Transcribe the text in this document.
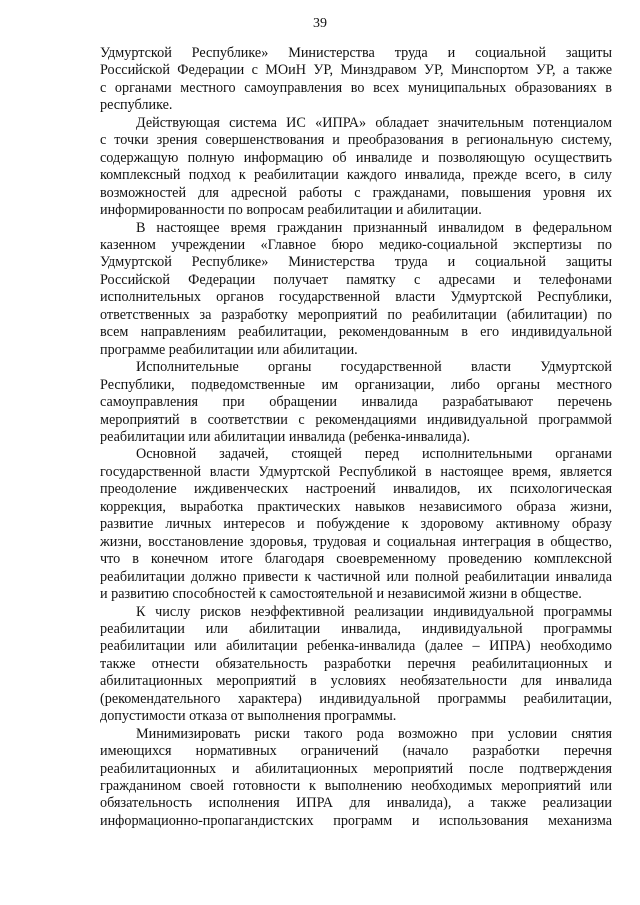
39

Удмуртской Республике» Министерства труда и социальной защиты
Российской Федерации с МОиН УР, Минздравом УР, Минспортом УР, а также
с органами местного самоуправления во всех муниципальных образованиях в
республике.

Действующая система ИС «ИПРА» обладает значительным потенциалом
с точки зрения совершенствования и преобразования в региональную систему,
содержащую полную информацию об инвалиде и позволяющую осуществить
комплексный подход к реабилитации каждого инвалида, прежде всего, в силу
возможностей для адресной работы с гражданами, повышения уровня их
информированности по вопросам реабилитации и абилитации.

В настоящее время гражданин признанный инвалидом в федеральном
казенном учреждении «Главное бюро медико-социальной экспертизы по
Удмуртской Республике» Министерства труда и социальной защиты
Российской Федерации получает памятку с адресами и телефонами
исполнительных органов государственной власти Удмуртской Республики,
ответственных за разработку мероприятий по реабилитации (абилитации) по
всем направлениям реабилитации, рекомендованным в его индивидуальной
программе реабилитации или абилитации.

Исполнительные органы государственной власти Удмуртской
Республики, подведомственные им организации, либо органы местного
самоуправления при обращении инвалида разрабатывают перечень
мероприятий в соответствии с рекомендациями индивидуальной программой
реабилитации или абилитации инвалида (ребенка-инвалида).

Основной задачей, стоящей перед исполнительными органами
государственной власти Удмуртской Республикой в настоящее время, является
преодоление иждивенческих настроений инвалидов, их психологическая
коррекция, выработка практических навыков независимого образа жизни,
развитие личных интересов и побуждение к здоровому активному образу
жизни, восстановление здоровья, трудовая и социальная интеграция в общество,
что в конечном итоге благодаря своевременному проведению комплексной
реабилитации должно привести к частичной или полной реабилитации инвалида
и развитию способностей к самостоятельной и независимой жизни в обществе.

К числу рисков неэффективной реализации индивидуальной программы
реабилитации или абилитации инвалида, индивидуальной программы
реабилитации или абилитации ребенка-инвалида (далее – ИПРА) необходимо
также отнести обязательность разработки перечня реабилитационных и
абилитационных мероприятий в условиях необязательности для инвалида
(рекомендательного характера) индивидуальной программы реабилитации,
допустимости отказа от выполнения программы.

Минимизировать риски такого рода возможно при условии снятия
имеющихся нормативных ограничений (начало разработки перечня
реабилитационных и абилитационных мероприятий после подтверждения
гражданином своей готовности к выполнению необходимых мероприятий или
обязательность исполнения ИПРА для инвалида), а также реализации
информационно-пропагандистских программ и использования механизма
